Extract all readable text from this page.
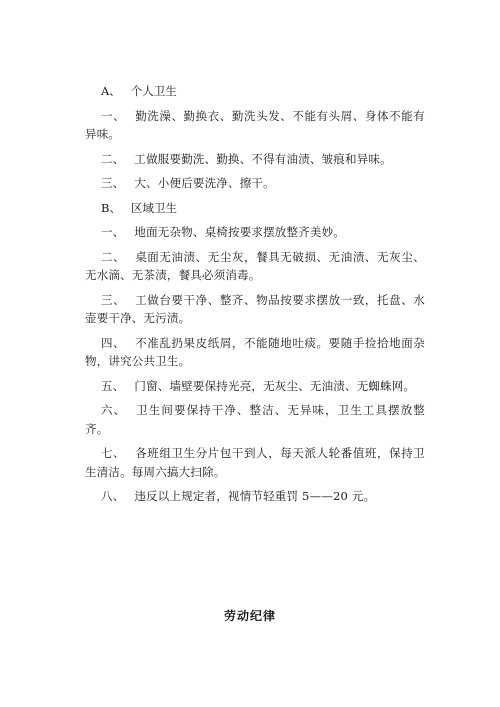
A、 个人卫生

一、 勤洗澡、勤换衣、勤洗头发、不能有头屑、身体不能有异味。

二、 工做服要勤洗、勤换、不得有油渍、皱痕和异味。

三、 大、小便后要洗净、擦干。

B、 区域卫生

一、 地面无杂物、桌椅按要求摆放整齐美妙。

二、 桌面无油渍、无尘灰，餐具无破损、无油渍、无灰尘、无水滴、无茶渍，餐具必须消毒。

三、 工做台要干净、整齐、物品按要求摆放一致，托盘、水壶要干净、无污渍。

四、 不准乱扔果皮纸屑，不能随地吐痰。要随手捡拾地面杂物，讲究公共卫生。

五、 门窗、墙壁要保持光亮，无灰尘、无油渍、无蜘蛛网。

六、 卫生间要保持干净、整洁、无异味，卫生工具摆放整齐。

七、 各班组卫生分片包干到人，每天派人轮番值班，保持卫生清洁。每周六搞大扫除。

八、 违反以上规定者，视情节轻重罚 5——20 元。

劳动纪律
